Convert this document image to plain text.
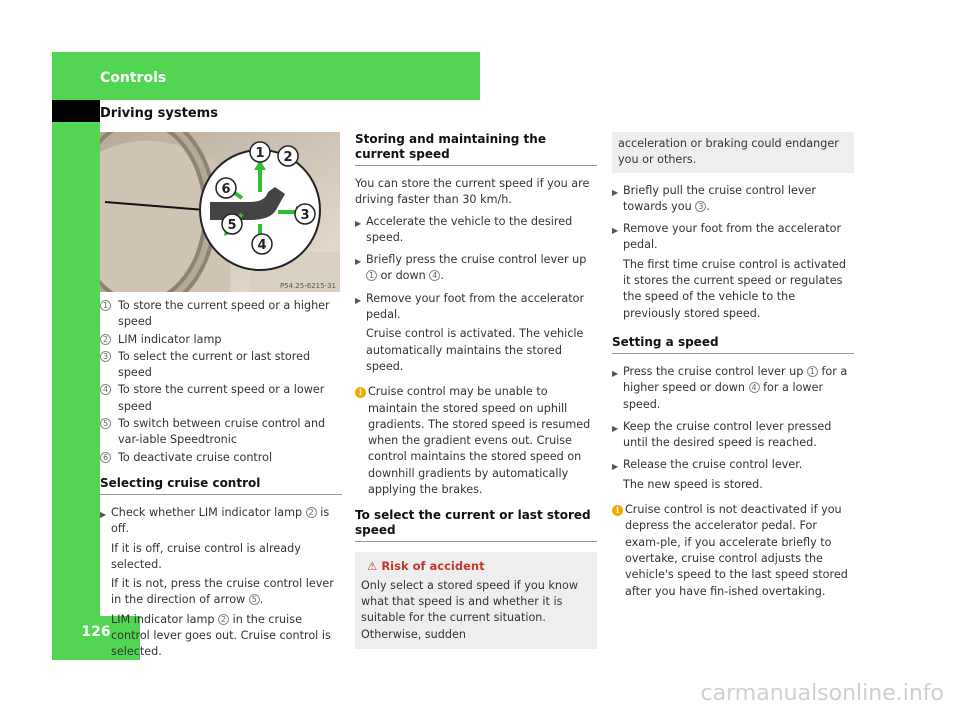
Controls
Driving systems
126
1 2
3
4
5
6
P54.25-6215-31
1 To store the current speed or a higher speed
2 LIM indicator lamp
3 To select the current or last stored speed
4 To store the current speed or a lower speed
5 To switch between cruise control and var-iable Speedtronic
6 To deactivate cruise control
Selecting cruise control
▶ Check whether LIM indicator lamp 2 is off.

If it is off, cruise control is already selected.

If it is not, press the cruise control lever in the direction of arrow 5 .

LIM indicator lamp 2 in the cruise control lever goes out. Cruise control is selected.

Storing and maintaining the current speed

You can store the current speed if you are driving faster than 30 km/h.

▶ Accelerate the vehicle to the desired speed.

▶ Briefly press the cruise control lever up 1 or down 4 .

▶ Remove your foot from the accelerator pedal.

Cruise control is activated. The vehicle automatically maintains the stored speed.

i Cruise control may be unable to maintain the stored speed on uphill gradients. The stored speed is resumed when the gradient evens out. Cruise control maintains the stored speed on downhill gradients by automatically applying the brakes.
To select the current or last stored speed
⚠ Risk of accident

Only select a stored speed if you know what that speed is and whether it is suitable for the current situation. Otherwise, sudden

acceleration or braking could endanger you or others.

▶ Briefly pull the cruise control lever towards you 3 .

▶ Remove your foot from the accelerator pedal.

The first time cruise control is activated it stores the current speed or regulates the speed of the vehicle to the previously stored speed.

Setting a speed
▶ Press the cruise control lever up 1 for a higher speed or down 4 for a lower speed.

▶ Keep the cruise control lever pressed until the desired speed is reached.

▶ Release the cruise control lever.

The new speed is stored.

i Cruise control is not deactivated if you depress the accelerator pedal. For exam-ple, if you accelerate briefly to overtake, cruise control adjusts the vehicle's speed to the last speed stored after you have fin-ished overtaking.
carmanualsonline.info
